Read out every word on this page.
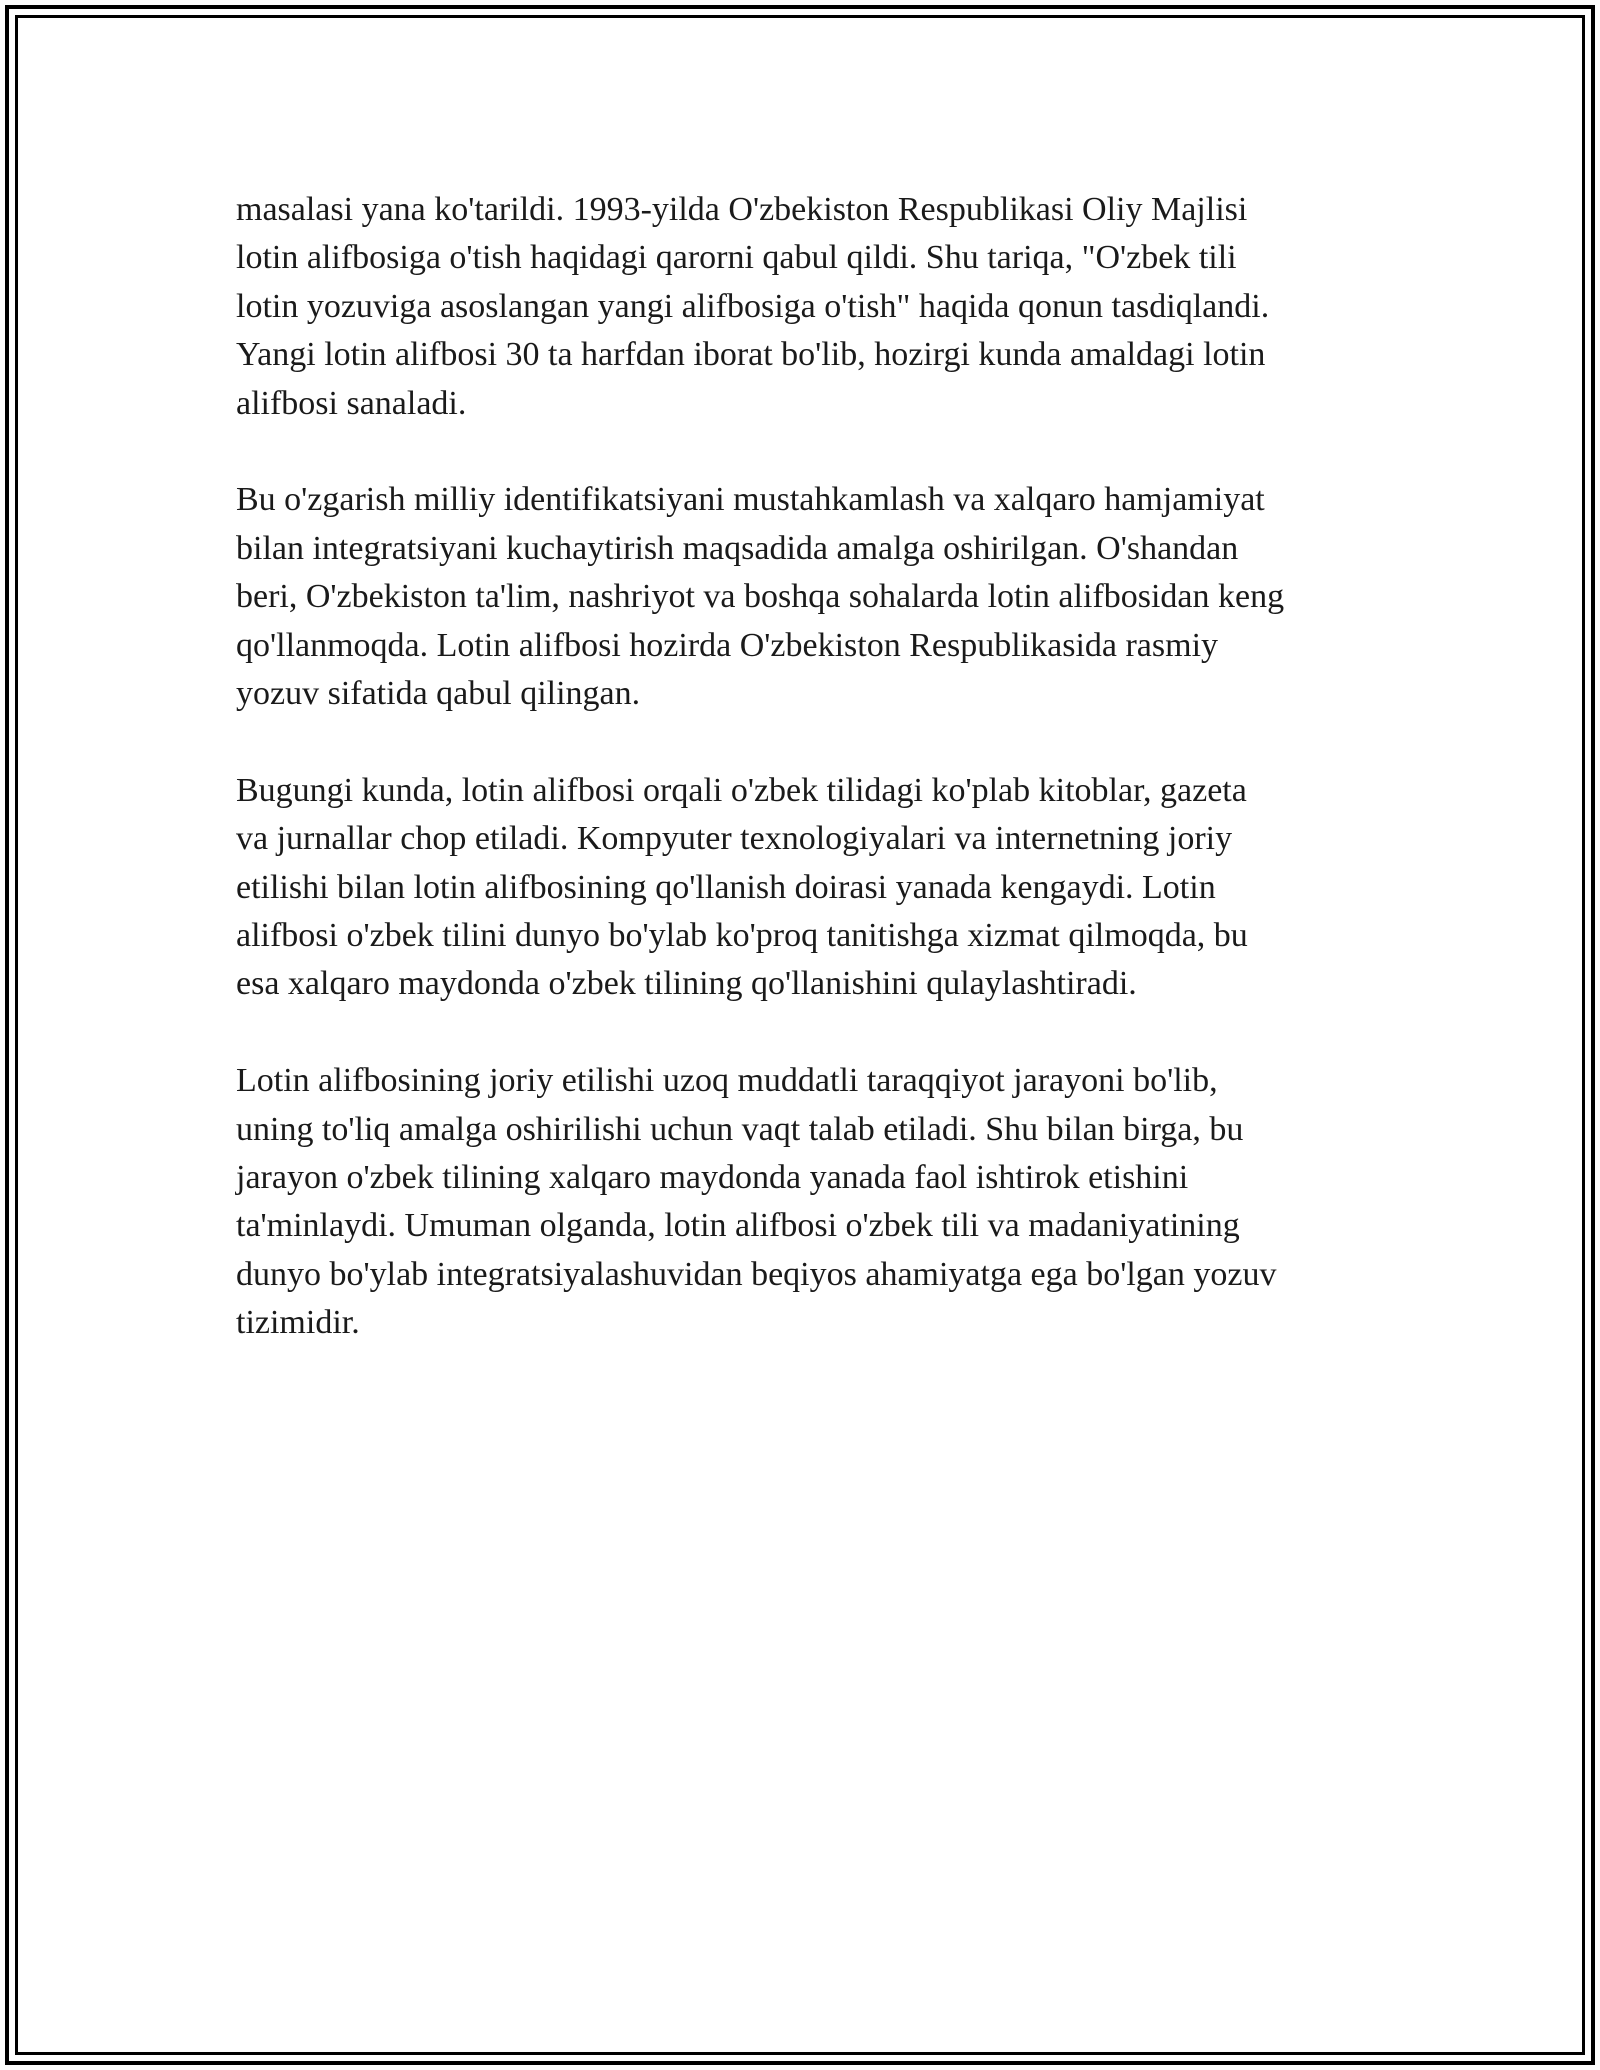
masalasi yana ko'tarildi. 1993-yilda O'zbekiston Respublikasi Oliy Majlisi
lotin alifbosiga o'tish haqidagi qarorni qabul qildi. Shu tariqa, "O'zbek tili
lotin yozuviga asoslangan yangi alifbosiga o'tish" haqida qonun tasdiqlandi.
Yangi lotin alifbosi 30 ta harfdan iborat bo'lib, hozirgi kunda amaldagi lotin
alifbosi sanaladi.

Bu o'zgarish milliy identifikatsiyani mustahkamlash va xalqaro hamjamiyat
bilan integratsiyani kuchaytirish maqsadida amalga oshirilgan. O'shandan
beri, O'zbekiston ta'lim, nashriyot va boshqa sohalarda lotin alifbosidan keng
qo'llanmoqda. Lotin alifbosi hozirda O'zbekiston Respublikasida rasmiy
yozuv sifatida qabul qilingan.

Bugungi kunda, lotin alifbosi orqali o'zbek tilidagi ko'plab kitoblar, gazeta
va jurnallar chop etiladi. Kompyuter texnologiyalari va internetning joriy
etilishi bilan lotin alifbosining qo'llanish doirasi yanada kengaydi. Lotin
alifbosi o'zbek tilini dunyo bo'ylab ko'proq tanitishga xizmat qilmoqda, bu
esa xalqaro maydonda o'zbek tilining qo'llanishini qulaylashtiradi.

Lotin alifbosining joriy etilishi uzoq muddatli taraqqiyot jarayoni bo'lib,
uning to'liq amalga oshirilishi uchun vaqt talab etiladi. Shu bilan birga, bu
jarayon o'zbek tilining xalqaro maydonda yanada faol ishtirok etishini
ta'minlaydi. Umuman olganda, lotin alifbosi o'zbek tili va madaniyatining
dunyo bo'ylab integratsiyalashuvidan beqiyos ahamiyatga ega bo'lgan yozuv
tizimidir.
